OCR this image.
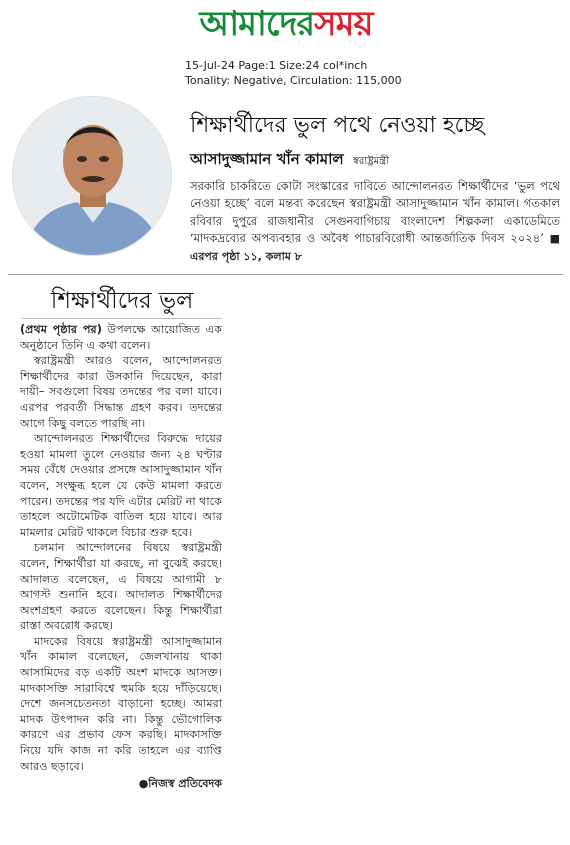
আমাদের সময়
15-Jul-24 Page:1 Size:24 col*inch
Tonality: Negative, Circulation: 115,000
শিক্ষার্থীদের ভুল পথে নেওয়া হচ্ছে
আসাদুজ্জামান খাঁন কামাল স্বরাষ্ট্রমন্ত্রী
সরকারি চাকরিতে কোটা সংস্কারের দাবিতে আন্দোলনরত শিক্ষার্থীদের ‘ভুল পথে নেওয়া হচ্ছে’ বলে মন্তব্য করেছেন স্বরাষ্ট্রমন্ত্রী আসাদুজ্জামান খাঁন কামাল। গতকাল রবিবার দুপুরে রাজধানীর সেগুনবাগিচায় বাংলাদেশ শিল্পকলা একাডেমিতে ‘মাদকদ্রব্যের অপব্যবহার ও অবৈধ পাচারবিরোধী আন্তর্জাতিক দিবস ২০২৪’ ■ এরপর পৃষ্ঠা ১১, কলাম ৮
শিক্ষার্থীদের ভুল

(প্রথম পৃষ্ঠার পর) উপলক্ষে আয়োজিত এক অনুষ্ঠানে তিনি এ কথা বলেন।

স্বরাষ্ট্রমন্ত্রী আরও বলেন, আন্দোলনরত শিক্ষার্থীদের কারা উসকানি দিয়েছেন, কারা দায়ী– সবগুলো বিষয় তদন্তের পর বলা যাবে। এরপর পরবর্তী সিদ্ধান্ত গ্রহণ করব। তদন্তের আগে কিছু বলতে পারছি না।

আন্দোলনরত শিক্ষার্থীদের বিরুদ্ধে দায়ের হওয়া মামলা তুলে নেওয়ার জন্য ২৪ ঘণ্টার সময় বেঁধে দেওয়ার প্রসঙ্গে আসাদুজ্জামান খাঁন বলেন, সংক্ষুব্ধ হলে যে কেউ মামলা করতে পারেন। তদন্তের পর যদি এটার মেরিট না থাকে তাহলে অটোমেটিক বাতিল হয়ে যাবে। আর মামলার মেরিট থাকলে বিচার শুরু হবে।

চলমান আন্দোলনের বিষয়ে স্বরাষ্ট্রমন্ত্রী বলেন, শিক্ষার্থীরা যা করছে, না বুঝেই করছে। আদালত বলেছেন, এ বিষয়ে আগামী ৮ আগস্ট শুনানি হবে। আদালত শিক্ষার্থীদের অংশগ্রহণ করতে বলেছেন। কিন্তু শিক্ষার্থীরা রাস্তা অবরোধ করছে।

মাদকের বিষয়ে স্বরাষ্ট্রমন্ত্রী আসাদুজ্জামান খাঁন কামাল বলেছেন, জেলখানায় থাকা আসামিদের বড় একটি অংশ মাদকে আসক্ত। মাদকাসক্তি সারাবিশ্বে হুমকি হয়ে দাঁড়িয়েছে। দেশে জনসচেতনতা বাড়ানো হচ্ছে। আমরা মাদক উৎপাদন করি না। কিন্তু ভৌগোলিক কারণে এর প্রভাব ফেস করছি। মাদকাসক্তি নিয়ে যদি কাজ না করি তাহলে এর ব্যাপ্তি আরও ছড়াবে।

●নিজস্ব প্রতিবেদক
